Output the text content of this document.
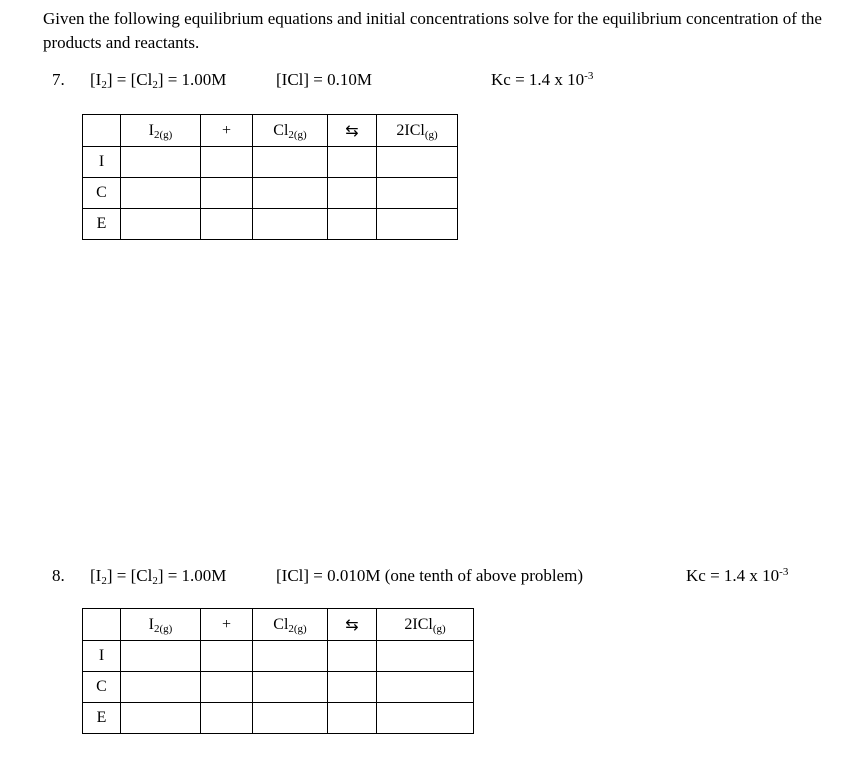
Given the following equilibrium equations and initial concentrations solve for the equilibrium concentration of the products and reactants.
7. $[I_2] = [Cl_2] = 1.00M$	[ICl] = 0.10M	Kc = 1.4 x $10^{-3}$
	$I_{2(g)}$	+	$Cl_{2(g)}$	⇆	2ICl$_{(g)}$
I					
C					
E					
8. $[I_2] = [Cl_2] = 1.00M$	[ICl] = 0.010M (one tenth of above problem)	Kc = 1.4 x $10^{-3}$
	$I_{2(g)}$	+	$Cl_{2(g)}$	⇆	2ICl$_{(g)}$
I					
C					
E					
